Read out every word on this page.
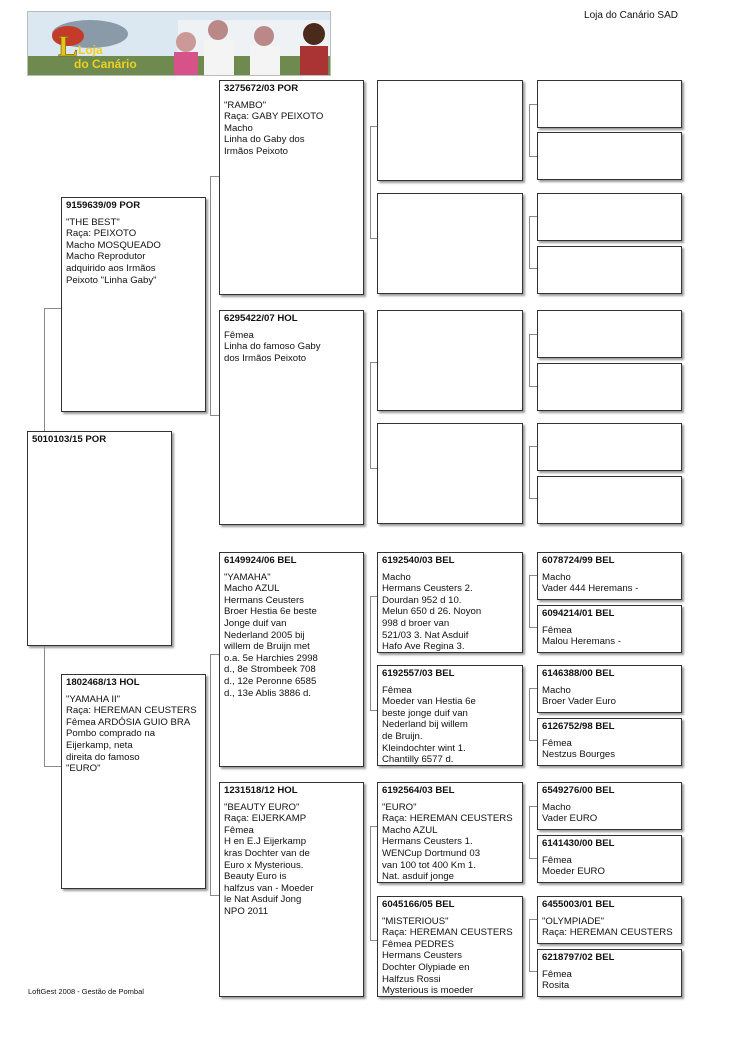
L Loja
do Canário
Loja do Canário SAD
5010103/15 POR
9159639/09 POR
"THE BEST"
Raça: PEIXOTO
Macho MOSQUEADO
Macho Reprodutor
adquirido aos Irmãos
Peixoto "Linha Gaby"
1802468/13 HOL
"YAMAHA II"
Raça: HEREMAN CEUSTERS
Fêmea ARDÓSIA GUIO BRA
Pombo comprado na
Eijerkamp, neta
direita do famoso
"EURO"
3275672/03 POR
"RAMBO"
Raça: GABY PEIXOTO
Macho
Linha do Gaby dos
Irmãos Peixoto
6295422/07 HOL
Fêmea
Linha do famoso Gaby
dos Irmãos Peixoto
6149924/06 BEL
"YAMAHA"
Macho AZUL
Hermans Ceusters
Broer Hestia 6e beste
Jonge duif van
Nederland 2005 bij
willem de Bruijn met
o.a. 5e Harchies 2998
d., 8e Strombeek 708
d., 12e Peronne 6585
d., 13e Ablis 3886 d.
1231518/12 HOL
"BEAUTY EURO"
Raça: EIJERKAMP
Fêmea
H en E.J Eijerkamp
kras Dochter van de
Euro x Mysterious.
Beauty Euro is
halfzus van - Moeder
le Nat Asduif Jong
NPO 2011
6192540/03 BEL
Macho
Hermans Ceusters 2.
Dourdan 952 d 10.
Melun 650 d 26. Noyon
998 d broer van
521/03 3. Nat Asduif
Hafo Ave Regina 3.
6192557/03 BEL
Fêmea
Moeder van Hestia 6e
beste jonge duif van
Nederland bij willem
de Bruijn.
Kleindochter wint 1.
Chantilly 6577 d.
6192564/03 BEL
"EURO"
Raça: HEREMAN CEUSTERS
Macho AZUL
Hermans Ceusters 1.
WENCup Dortmund 03
van 100 tot 400 Km 1.
Nat. asduif jonge
6045166/05 BEL
"MISTERIOUS"
Raça: HEREMAN CEUSTERS
Fêmea PEDRES
Hermans Ceusters
Dochter Olypiade en
Halfzus Rossi
Mysterious is moeder
6078724/99 BEL
Macho
Vader 444 Heremans -
6094214/01 BEL
Fêmea
Malou Heremans -
6146388/00 BEL
Macho
Broer Vader Euro
6126752/98 BEL
Fêmea
Nestzus Bourges
6549276/00 BEL
Macho
Vader EURO
6141430/00 BEL
Fêmea
Moeder EURO
6455003/01 BEL
"OLYMPIADE"
Raça: HEREMAN CEUSTERS
6218797/02 BEL
Fêmea
Rosita
LoftGest 2008 - Gestão de Pombal
